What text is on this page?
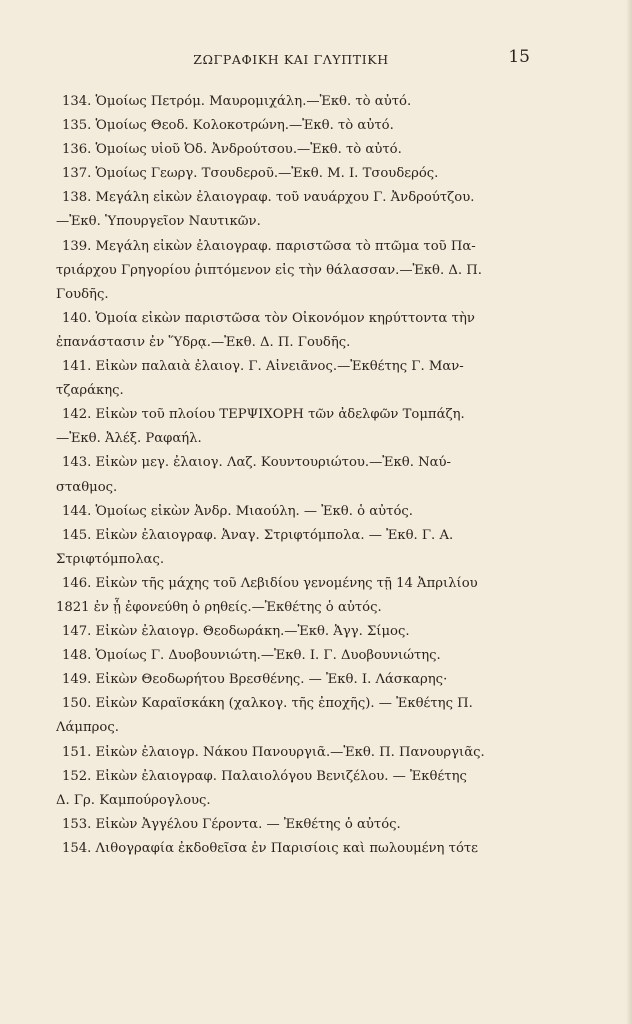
ΖΩΓΡΑΦΙΚΗ ΚΑΙ ΓΛΥΠΤΙΚΗ	15
134. Ὁμοίως Πετρόμ. Μαυρομιχάλη.—Ἐκθ. τὸ αὐτό.
135. Ὁμοίως Θεοδ. Κολοκοτρώνη.—Ἐκθ. τὸ αὐτό.
136. Ὁμοίως υἱοῦ Ὀδ. Ἀνδρούτσου.—Ἐκθ. τὸ αὐτό.
137. Ὁμοίως Γεωργ. Τσουδεροῦ.—Ἐκθ. Μ. Ι. Τσουδερός.
138. Μεγάλη εἰκὼν ἐλαιογραφ. τοῦ ναυάρχου Γ. Ἀνδρούτζου.
—Ἐκθ. Ὑπουργεῖον Ναυτικῶν.
139. Μεγάλη εἰκὼν ἐλαιογραφ. παριστῶσα τὸ πτῶμα τοῦ Πα-
τριάρχου Γρηγορίου ῥιπτόμενον εἰς τὴν θάλασσαν.—Ἐκθ. Δ. Π.
Γουδῆς.
140. Ὁμοία εἰκὼν παριστῶσα τὸν Οἰκονόμον κηρύττοντα τὴν
ἐπανάστασιν ἐν Ὕδρᾳ.—Ἐκθ. Δ. Π. Γουδῆς.
141. Εἰκὼν παλαιὰ ἐλαιογ. Γ. Αἰνειᾶνος.—Ἐκθέτης Γ. Μαν-
τζαράκης.
142. Εἰκὼν τοῦ πλοίου ΤΕΡΨΙΧΟΡΗ τῶν ἀδελφῶν Τομπάζη.
—Ἐκθ. Ἀλέξ. Ραφαήλ.
143. Εἰκὼν μεγ. ἐλαιογ. Λαζ. Κουντουριώτου.—Ἐκθ. Ναύ-
σταθμος.
144. Ὁμοίως εἰκὼν Ἀνδρ. Μιαούλη. — Ἐκθ. ὁ αὐτός.
145. Εἰκὼν ἐλαιογραφ. Ἀναγ. Στριφτόμπολα. — Ἐκθ. Γ. Α.
Στριφτόμπολας.
146. Εἰκὼν τῆς μάχης τοῦ Λεβιδίου γενομένης τῇ 14 Ἀπριλίου
1821 ἐν ᾗ ἐφονεύθη ὁ ρηθείς.—Ἐκθέτης ὁ αὐτός.
147. Εἰκὼν ἐλαιογρ. Θεοδωράκη.—Ἐκθ. Ἀγγ. Σίμος.
148. Ὁμοίως Γ. Δυοβουνιώτη.—Ἐκθ. Ι. Γ. Δυοβουνιώτης.
149. Εἰκὼν Θεοδωρήτου Βρεσθένης. — Ἐκθ. Ι. Λάσκαρης·
150. Εἰκὼν Καραϊσκάκη (χαλκογ. τῆς ἐποχῆς). — Ἐκθέτης Π.
Λάμπρος.
151. Εἰκὼν ἐλαιογρ. Νάκου Πανουργιᾶ.—Ἐκθ. Π. Πανουργιᾶς.
152. Εἰκὼν ἐλαιογραφ. Παλαιολόγου Βενιζέλου. — Ἐκθέτης
Δ. Γρ. Καμπούρογλους.
153. Εἰκὼν Ἀγγέλου Γέροντα. — Ἐκθέτης ὁ αὐτός.
154. Λιθογραφία ἐκδοθεῖσα ἐν Παρισίοις καὶ πωλουμένη τότε
